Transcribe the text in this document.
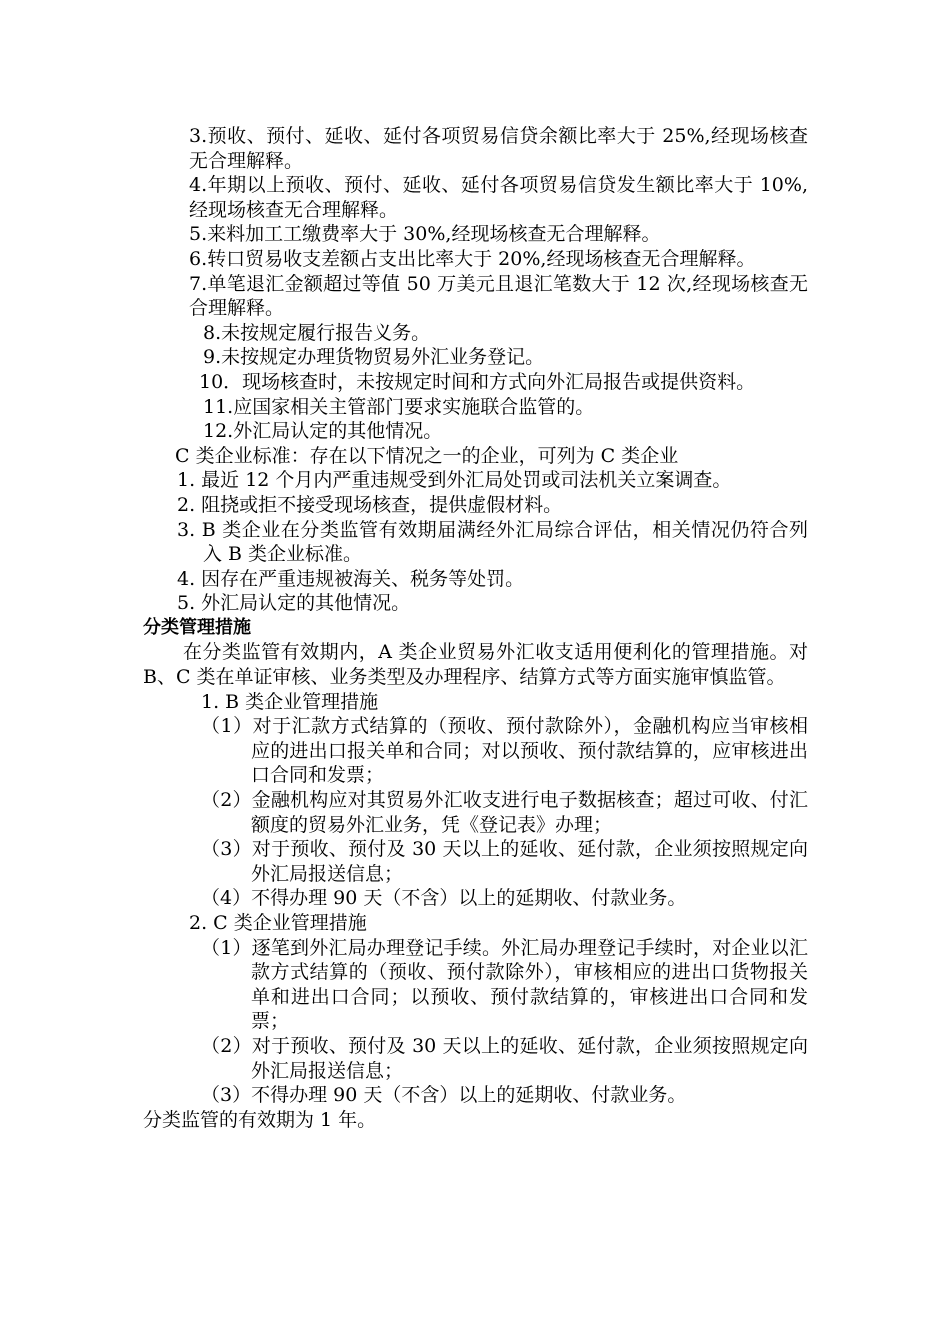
3.预收、预付、延收、延付各项贸易信贷余额比率大于 25%,经现场核查无合理解释。

4.年期以上预收、预付、延收、延付各项贸易信贷发生额比率大于 10%,经现场核查无合理解释。

5.来料加工工缴费率大于 30%,经现场核查无合理解释。

6.转口贸易收支差额占支出比率大于 20%,经现场核查无合理解释。

7.单笔退汇金额超过等值 50 万美元且退汇笔数大于 12 次,经现场核查无合理解释。

8.未按规定履行报告义务。

9.未按规定办理货物贸易外汇业务登记。

10．现场核查时，未按规定时间和方式向外汇局报告或提供资料。

11.应国家相关主管部门要求实施联合监管的。

12.外汇局认定的其他情况。

C 类企业标准：存在以下情况之一的企业，可列为 C 类企业

1. 最近 12 个月内严重违规受到外汇局处罚或司法机关立案调查。

2. 阻挠或拒不接受现场核查，提供虚假材料。

3. B 类企业在分类监管有效期届满经外汇局综合评估，相关情况仍符合列入 B 类企业标准。

4. 因存在严重违规被海关、税务等处罚。

5. 外汇局认定的其他情况。

分类管理措施

在分类监管有效期内，A 类企业贸易外汇收支适用便利化的管理措施。对 B、C 类在单证审核、业务类型及办理程序、结算方式等方面实施审慎监管。

1. B 类企业管理措施

（1）对于汇款方式结算的（预收、预付款除外），金融机构应当审核相应的进出口报关单和合同；对以预收、预付款结算的，应审核进出口合同和发票；

（2）金融机构应对其贸易外汇收支进行电子数据核查；超过可收、付汇额度的贸易外汇业务，凭《登记表》办理；

（3）对于预收、预付及 30 天以上的延收、延付款，企业须按照规定向外汇局报送信息；

（4）不得办理 90 天（不含）以上的延期收、付款业务。

2. C 类企业管理措施

（1）逐笔到外汇局办理登记手续。外汇局办理登记手续时，对企业以汇款方式结算的（预收、预付款除外），审核相应的进出口货物报关单和进出口合同；以预收、预付款结算的，审核进出口合同和发票；

（2）对于预收、预付及 30 天以上的延收、延付款，企业须按照规定向外汇局报送信息；

（3）不得办理 90 天（不含）以上的延期收、付款业务。

分类监管的有效期为 1 年。
